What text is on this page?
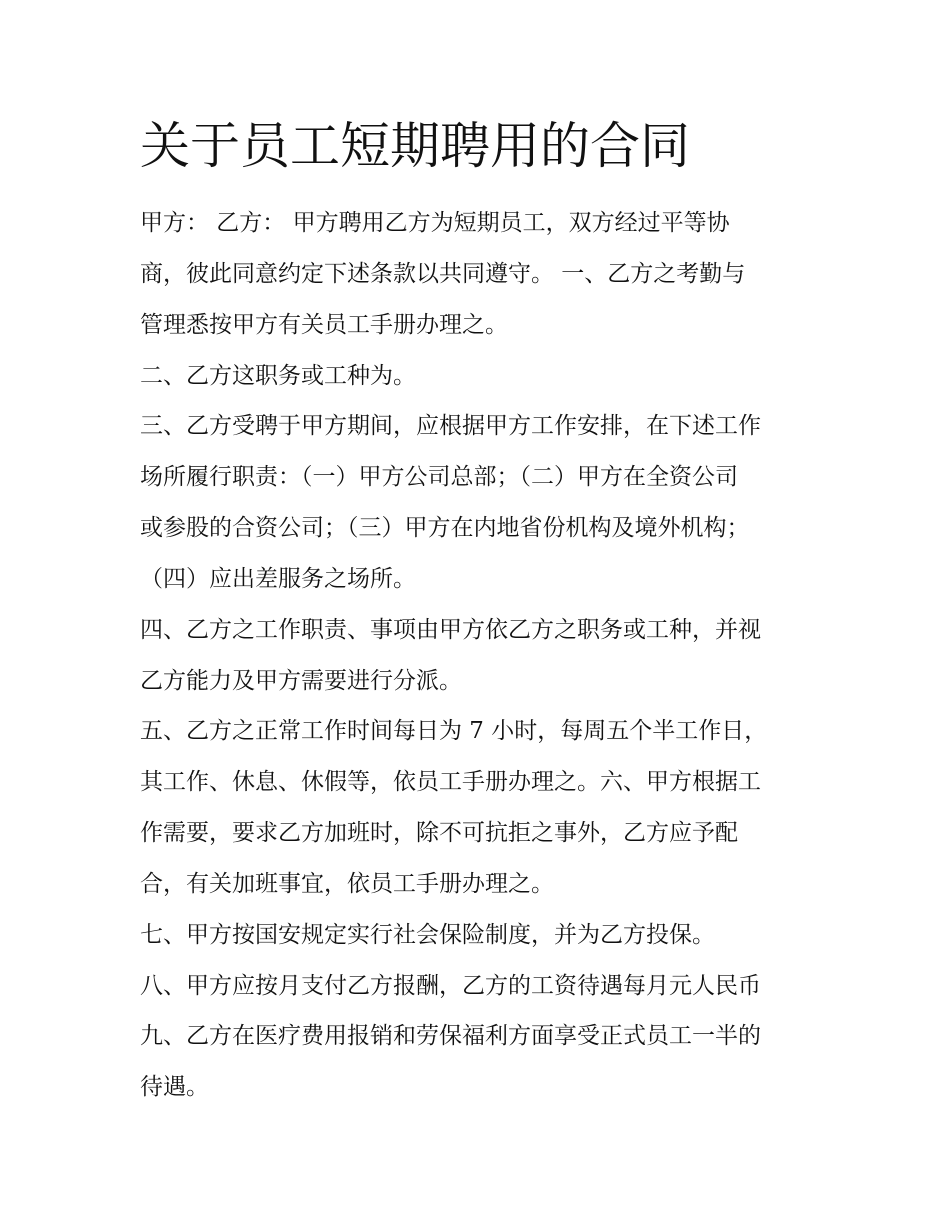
关于员工短期聘用的合同

甲方： 乙方： 甲方聘用乙方为短期员工，双方经过平等协

商，彼此同意约定下述条款以共同遵守。 一、乙方之考勤与

管理悉按甲方有关员工手册办理之。

二、乙方这职务或工种为。

三、乙方受聘于甲方期间，应根据甲方工作安排，在下述工作

场所履行职责：（一）甲方公司总部；（二）甲方在全资公司

或参股的合资公司；（三）甲方在内地省份机构及境外机构；

（四）应出差服务之场所。

四、乙方之工作职责、事项由甲方依乙方之职务或工种，并视

乙方能力及甲方需要进行分派。

五、乙方之正常工作时间每日为 7 小时，每周五个半工作日，

其工作、休息、休假等，依员工手册办理之。六、甲方根据工

作需要，要求乙方加班时，除不可抗拒之事外，乙方应予配

合，有关加班事宜，依员工手册办理之。

七、甲方按国安规定实行社会保险制度，并为乙方投保。

八、甲方应按月支付乙方报酬，乙方的工资待遇每月元人民币

九、乙方在医疗费用报销和劳保福利方面享受正式员工一半的

待遇。
